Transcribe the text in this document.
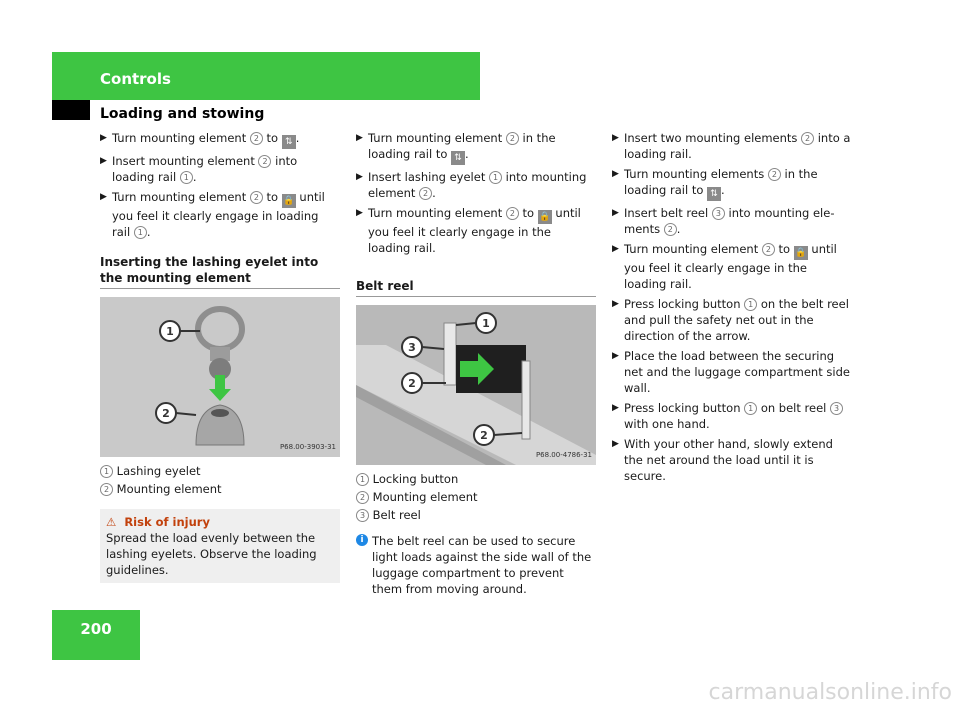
Controls
Loading and stowing
▶ Turn mounting element 2 to ⇅ .
▶ Insert mounting element 2 into loading rail 1 .
▶ Turn mounting element 2 to 🔒 until you feel it clearly engage in loading rail 1 .
Inserting the lashing eyelet into the mounting element
1
2
P68.00-3903-31
1 Lashing eyelet
2 Mounting element
⚠ Risk of injury
Spread the load evenly between the lashing eyelets. Observe the loading guidelines.
▶ Turn mounting element 2 in the loading rail to ⇅ .
▶ Insert lashing eyelet 1 into mounting element 2 .
▶ Turn mounting element 2 to 🔒 until you feel it clearly engage in the loading rail.
Belt reel
1
3
2
2
P68.00-4786-31
1 Locking button
2 Mounting element
3 Belt reel
i The belt reel can be used to secure light loads against the side wall of the luggage compartment to prevent them from moving around.
▶ Insert two mounting elements 2 into a loading rail.
▶ Turn mounting elements 2 in the loading rail to ⇅ .
▶ Insert belt reel 3 into mounting elements 2 .
▶ Turn mounting element 2 to 🔒 until you feel it clearly engage in the loading rail.
▶ Press locking button 1 on the belt reel and pull the safety net out in the direction of the arrow.
▶ Place the load between the securing net and the luggage compartment side wall.
▶ Press locking button 1 on belt reel 3 with one hand.
▶ With your other hand, slowly extend the net around the load until it is secure.
200
carmanualsonline.info
